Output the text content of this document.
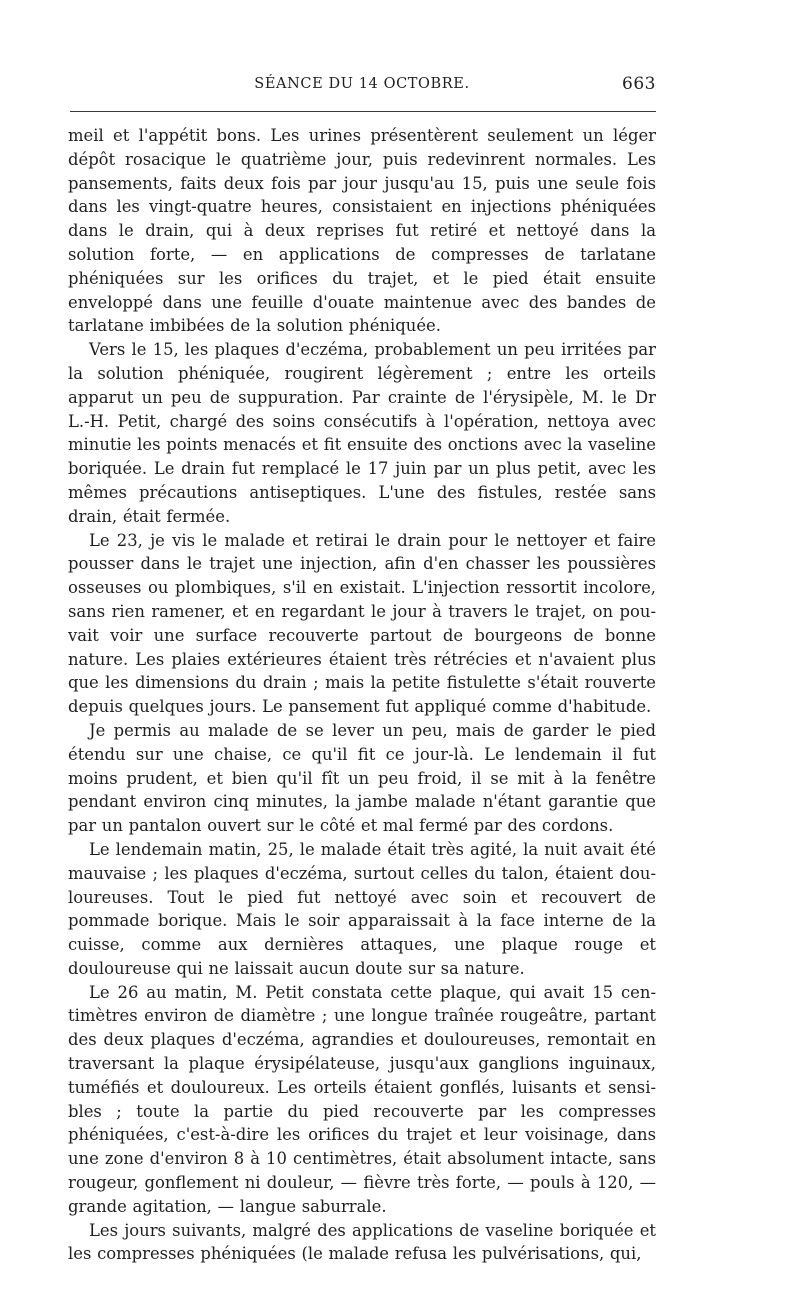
SÉANCE DU 14 OCTOBRE.	663

meil et l'appétit bons. Les urines présentèrent seulement un léger dépôt rosacique le quatrième jour, puis redevinrent normales. Les pansements, faits deux fois par jour jusqu'au 15, puis une seule fois dans les vingt-quatre heures, consistaient en injections phéniquées dans le drain, qui à deux reprises fut retiré et nettoyé dans la solution forte, — en applications de compresses de tarlatane phéniquées sur les orifices du trajet, et le pied était ensuite enveloppé dans une feuille d'ouate maintenue avec des bandes de tarlatane imbibées de la solution phéniquée.

Vers le 15, les plaques d'eczéma, probablement un peu irritées par la solution phéniquée, rougirent légèrement ; entre les orteils apparut un peu de suppuration. Par crainte de l'érysipèle, M. le Dr L.-H. Petit, chargé des soins consécutifs à l'opération, nettoya avec minutie les points menacés et fit ensuite des onctions avec la vaseline boriquée. Le drain fut remplacé le 17 juin par un plus petit, avec les mêmes précautions antiseptiques. L'une des fistules, restée sans drain, était fermée.

Le 23, je vis le malade et retirai le drain pour le nettoyer et faire pousser dans le trajet une injection, afin d'en chasser les poussières osseuses ou plombiques, s'il en existait. L'injection ressortit incolore, sans rien ramener, et en regardant le jour à travers le trajet, on pouvait voir une surface recouverte partout de bourgeons de bonne nature. Les plaies extérieures étaient très rétrécies et n'avaient plus que les dimensions du drain ; mais la petite fistulette s'était rouverte depuis quelques jours. Le pansement fut appliqué comme d'habitude.

Je permis au malade de se lever un peu, mais de garder le pied étendu sur une chaise, ce qu'il fit ce jour-là. Le lendemain il fut moins prudent, et bien qu'il fît un peu froid, il se mit à la fenêtre pendant environ cinq minutes, la jambe malade n'étant garantie que par un pantalon ouvert sur le côté et mal fermé par des cordons.

Le lendemain matin, 25, le malade était très agité, la nuit avait été mauvaise ; les plaques d'eczéma, surtout celles du talon, étaient douloureuses. Tout le pied fut nettoyé avec soin et recouvert de pommade borique. Mais le soir apparaissait à la face interne de la cuisse, comme aux dernières attaques, une plaque rouge et douloureuse qui ne laissait aucun doute sur sa nature.

Le 26 au matin, M. Petit constata cette plaque, qui avait 15 centimètres environ de diamètre ; une longue traînée rougeâtre, partant des deux plaques d'eczéma, agrandies et douloureuses, remontait en traversant la plaque érysipélateuse, jusqu'aux ganglions inguinaux, tuméfiés et douloureux. Les orteils étaient gonflés, luisants et sensibles ; toute la partie du pied recouverte par les compresses phéniquées, c'est-à-dire les orifices du trajet et leur voisinage, dans une zone d'environ 8 à 10 centimètres, était absolument intacte, sans rougeur, gonflement ni douleur, — fièvre très forte, — pouls à 120, — grande agitation, — langue saburrale.

Les jours suivants, malgré des applications de vaseline boriquée et les compresses phéniquées (le malade refusa les pulvérisations, qui,
